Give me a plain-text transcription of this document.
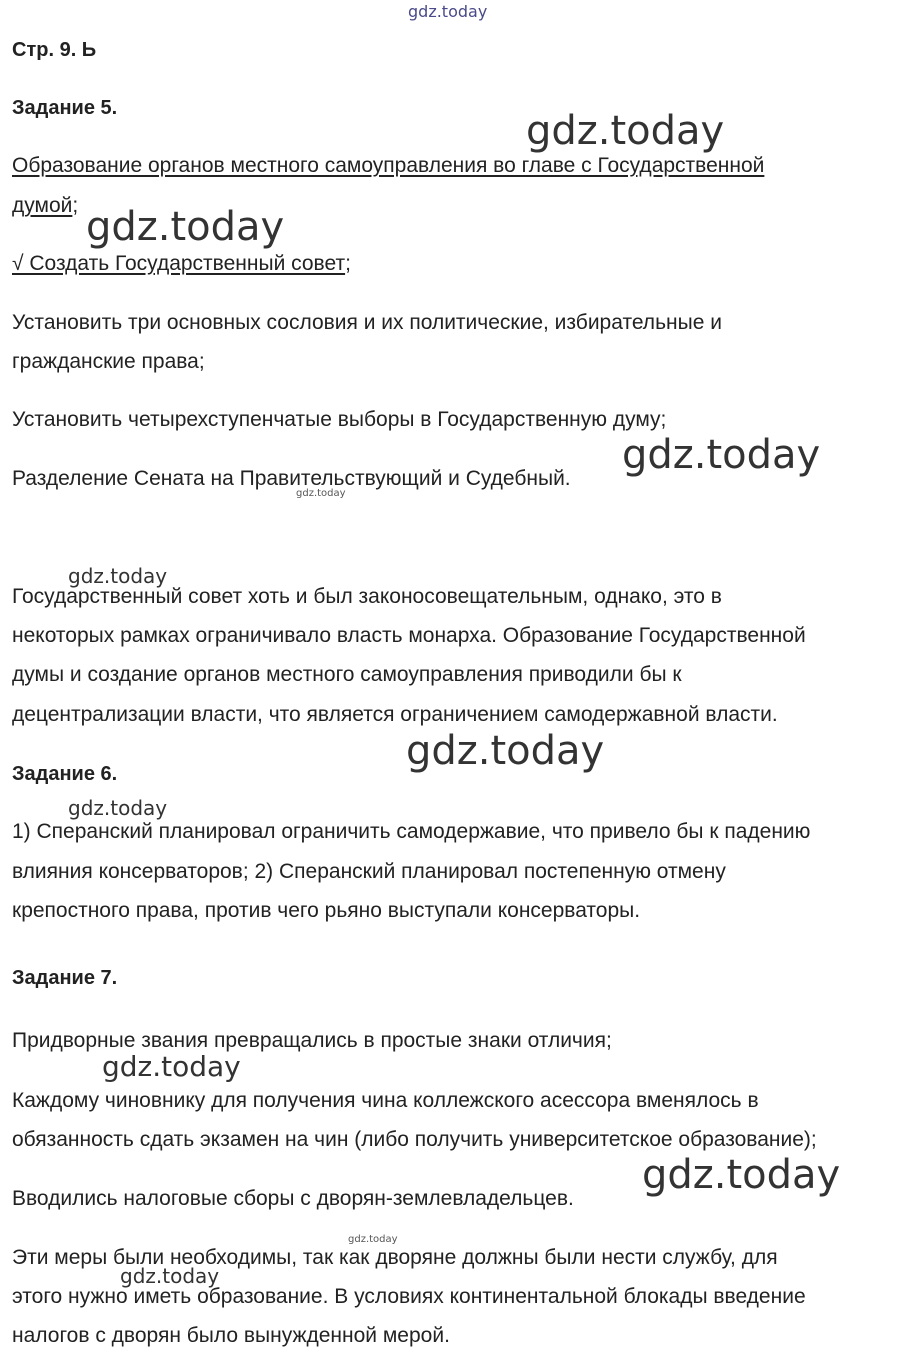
gdz.today
gdz.today
gdz.today
gdz.today
gdz.today
gdz.today
gdz.today
gdz.today
gdz.today
gdz.today
gdz.today
gdz.today
Стр. 9. Ь
Задание 5.
Образование органов местного самоуправления во главе с Государственной
думой;
√ Создать Государственный совет;
Установить три основных сословия и их политические, избирательные и
гражданские права;
Установить четырехступенчатые выборы в Государственную думу;
Разделение Сената на Правительствующий и Судебный.
Государственный совет хоть и был законосовещательным, однако, это в
некоторых рамках ограничивало власть монарха. Образование Государственной
думы и создание органов местного самоуправления приводили бы к
децентрализации власти, что является ограничением самодержавной власти.
Задание 6.
1) Сперанский планировал ограничить самодержавие, что привело бы к падению
влияния консерваторов; 2) Сперанский планировал постепенную отмену
крепостного права, против чего рьяно выступали консерваторы.
Задание 7.
Придворные звания превращались в простые знаки отличия;
Каждому чиновнику для получения чина коллежского асессора вменялось в
обязанность сдать экзамен на чин (либо получить университетское образование);
Вводились налоговые сборы с дворян-землевладельцев.
Эти меры были необходимы, так как дворяне должны были нести службу, для
этого нужно иметь образование. В условиях континентальной блокады введение
налогов с дворян было вынужденной мерой.
